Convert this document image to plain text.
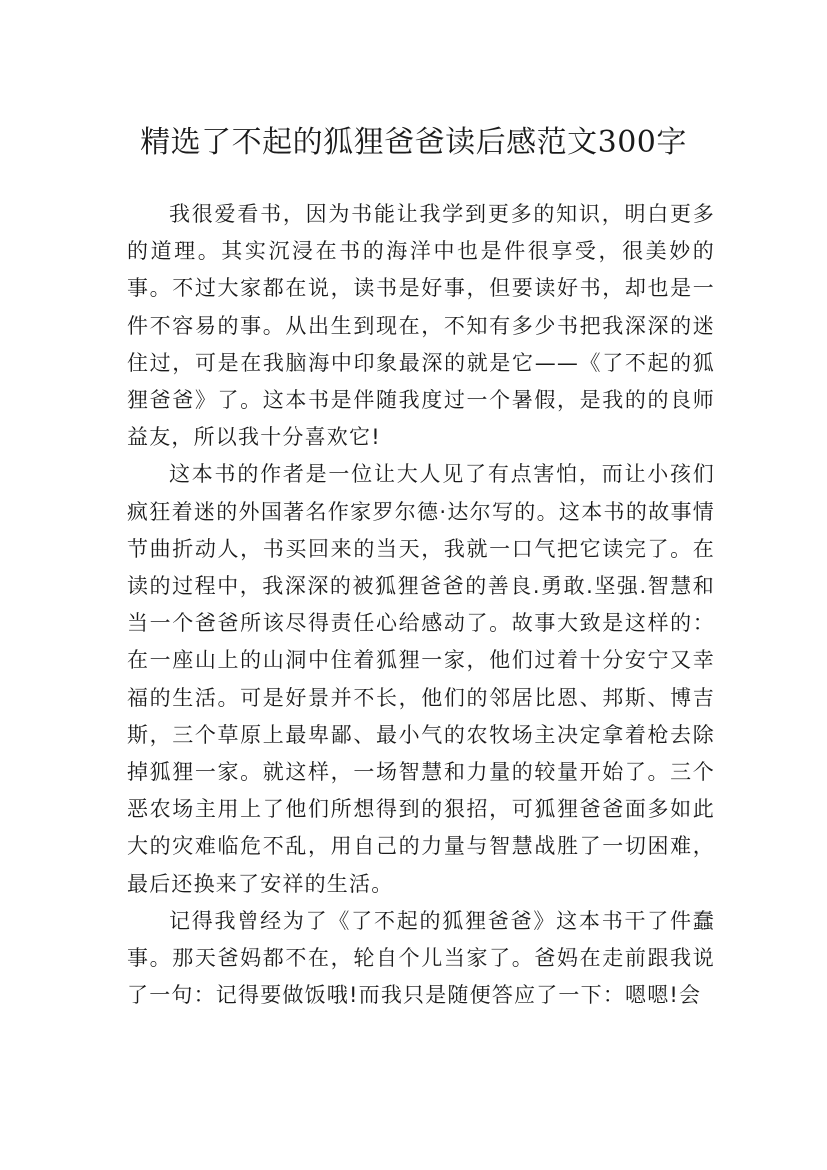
精选了不起的狐狸爸爸读后感范文300字

我很爱看书，因为书能让我学到更多的知识，明白更多的道理。其实沉浸在书的海洋中也是件很享受，很美妙的事。不过大家都在说，读书是好事，但要读好书，却也是一件不容易的事。从出生到现在，不知有多少书把我深深的迷住过，可是在我脑海中印象最深的就是它——《了不起的狐狸爸爸》了。这本书是伴随我度过一个暑假，是我的的良师益友，所以我十分喜欢它!

这本书的作者是一位让大人见了有点害怕，而让小孩们疯狂着迷的外国著名作家罗尔德·达尔写的。这本书的故事情节曲折动人，书买回来的当天，我就一口气把它读完了。在读的过程中，我深深的被狐狸爸爸的善良.勇敢.坚强.智慧和当一个爸爸所该尽得责任心给感动了。故事大致是这样的：在一座山上的山洞中住着狐狸一家，他们过着十分安宁又幸福的生活。可是好景并不长，他们的邻居比恩、邦斯、博吉斯，三个草原上最卑鄙、最小气的农牧场主决定拿着枪去除掉狐狸一家。就这样，一场智慧和力量的较量开始了。三个恶农场主用上了他们所想得到的狠招，可狐狸爸爸面多如此大的灾难临危不乱，用自己的力量与智慧战胜了一切困难，最后还换来了安祥的生活。

记得我曾经为了《了不起的狐狸爸爸》这本书干了件蠢事。那天爸妈都不在，轮自个儿当家了。爸妈在走前跟我说了一句：记得要做饭哦!而我只是随便答应了一下：嗯嗯!会
